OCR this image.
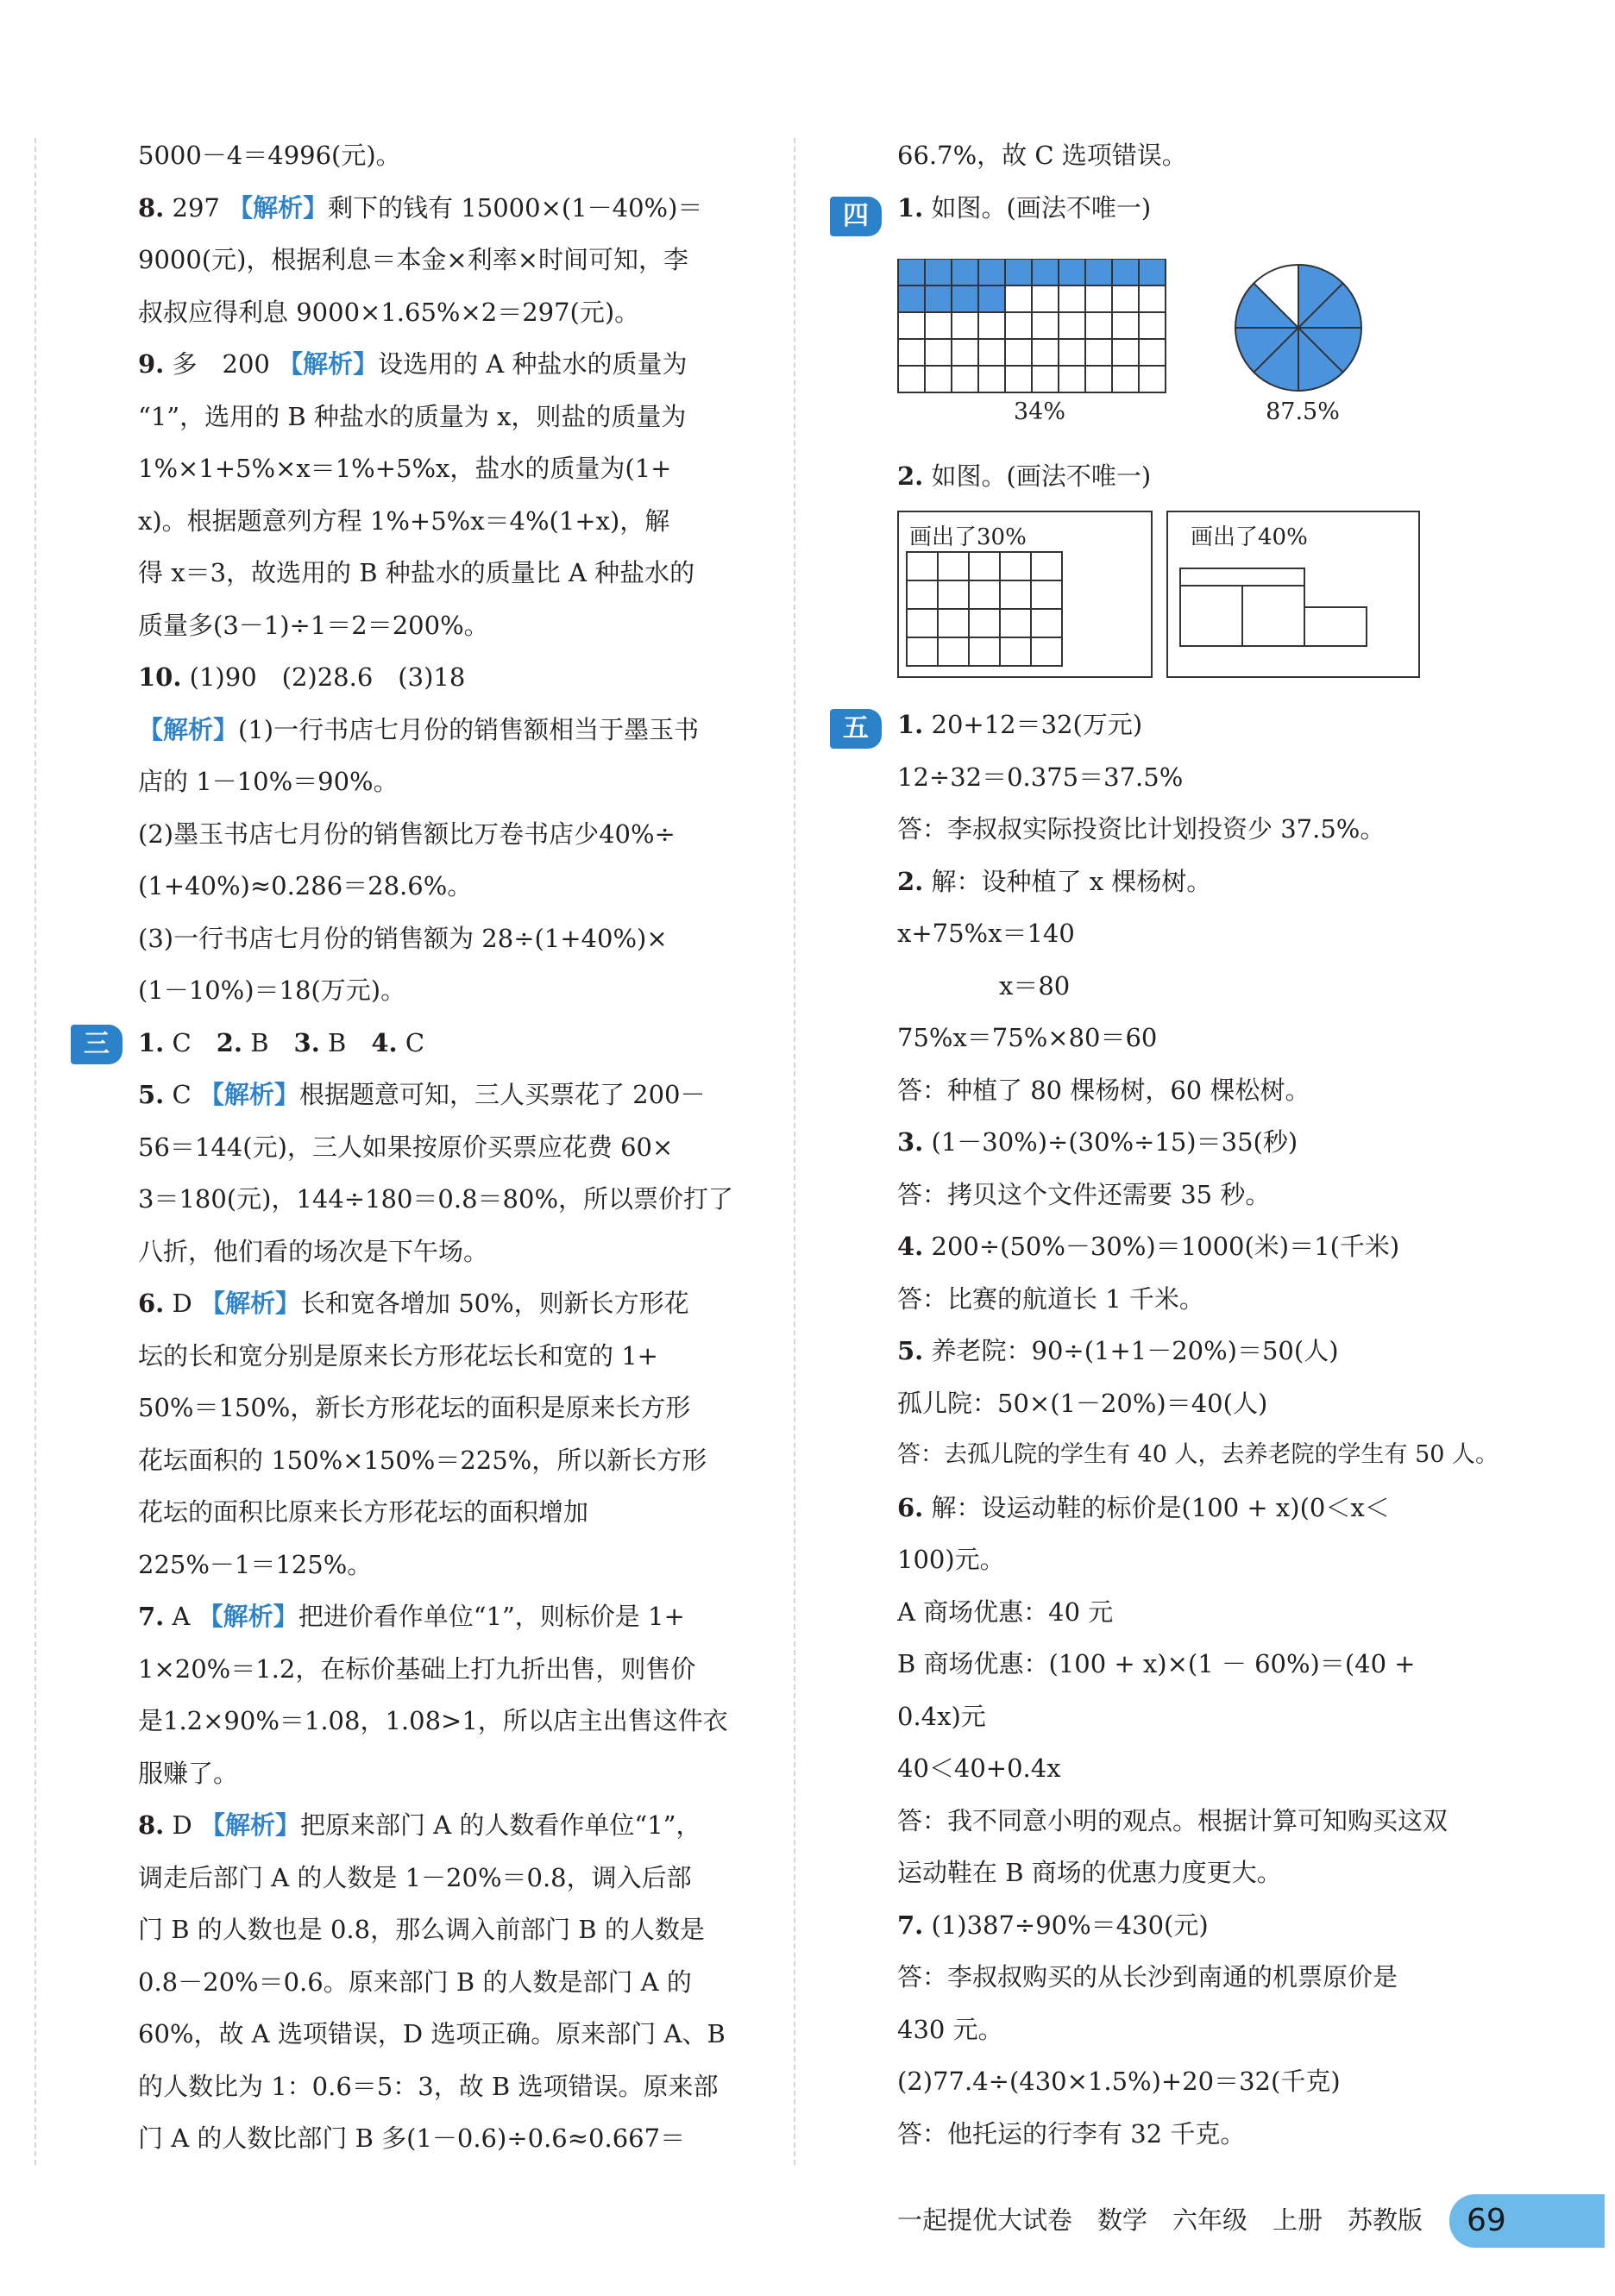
5000－4＝4996(元)。
8. 297 【解析】剩下的钱有 15000×(1－40%)＝
9000(元)，根据利息＝本金×利率×时间可知，李
叔叔应得利息 9000×1.65%×2＝297(元)。
9. 多　200 【解析】设选用的 A 种盐水的质量为
“1”，选用的 B 种盐水的质量为 x，则盐的质量为
1%×1+5%×x＝1%+5%x，盐水的质量为(1+
x)。根据题意列方程 1%+5%x＝4%(1+x)，解
得 x＝3，故选用的 B 种盐水的质量比 A 种盐水的
质量多(3－1)÷1＝2＝200%。
10. (1)90　(2)28.6　(3)18
【解析】(1)一行书店七月份的销售额相当于墨玉书
店的 1－10%＝90%。
(2)墨玉书店七月份的销售额比万卷书店少40%÷
(1+40%)≈0.286＝28.6%。
(3)一行书店七月份的销售额为 28÷(1+40%)×
(1－10%)＝18(万元)。
1. C　2. B　3. B　4. C
5. C 【解析】根据题意可知，三人买票花了 200－
56＝144(元)，三人如果按原价买票应花费 60×
3＝180(元)，144÷180＝0.8＝80%，所以票价打了
八折，他们看的场次是下午场。
6. D 【解析】长和宽各增加 50%，则新长方形花
坛的长和宽分别是原来长方形花坛长和宽的 1+
50%＝150%，新长方形花坛的面积是原来长方形
花坛面积的 150%×150%＝225%，所以新长方形
花坛的面积比原来长方形花坛的面积增加
225%－1＝125%。
7. A 【解析】把进价看作单位“1”，则标价是 1+
1×20%＝1.2，在标价基础上打九折出售，则售价
是1.2×90%＝1.08，1.08>1，所以店主出售这件衣
服赚了。
8. D 【解析】把原来部门 A 的人数看作单位“1”，
调走后部门 A 的人数是 1－20%＝0.8，调入后部
门 B 的人数也是 0.8，那么调入前部门 B 的人数是
0.8－20%＝0.6。原来部门 B 的人数是部门 A 的
60%，故 A 选项错误，D 选项正确。原来部门 A、B
的人数比为 1：0.6＝5：3，故 B 选项错误。原来部
门 A 的人数比部门 B 多(1－0.6)÷0.6≈0.667＝
三
66.7%，故 C 选项错误。
1. 如图。(画法不唯一)
四
34%	87.5%
2. 如图。(画法不唯一)
画出了30%	画出了40%
1. 20+12＝32(万元)
12÷32＝0.375＝37.5%
答：李叔叔实际投资比计划投资少 37.5%。
2. 解：设种植了 x 棵杨树。
x+75%x＝140
x＝80
75%x＝75%×80＝60
答：种植了 80 棵杨树，60 棵松树。
3. (1－30%)÷(30%÷15)＝35(秒)
答：拷贝这个文件还需要 35 秒。
4. 200÷(50%－30%)＝1000(米)＝1(千米)
答：比赛的航道长 1 千米。
5. 养老院：90÷(1+1－20%)＝50(人)
孤儿院：50×(1－20%)＝40(人)
答：去孤儿院的学生有 40 人，去养老院的学生有 50 人。
6. 解：设运动鞋的标价是(100 + x)(0＜x＜
100)元。
A 商场优惠：40 元
B 商场优惠：(100 + x)×(1 － 60%)＝(40 +
0.4x)元
40＜40+0.4x
答：我不同意小明的观点。根据计算可知购买这双
运动鞋在 B 商场的优惠力度更大。
7. (1)387÷90%＝430(元)
答：李叔叔购买的从长沙到南通的机票原价是
430 元。
(2)77.4÷(430×1.5%)+20＝32(千克)
答：他托运的行李有 32 千克。
五
一起提优大试卷　数学　六年级　上册　苏教版 69
